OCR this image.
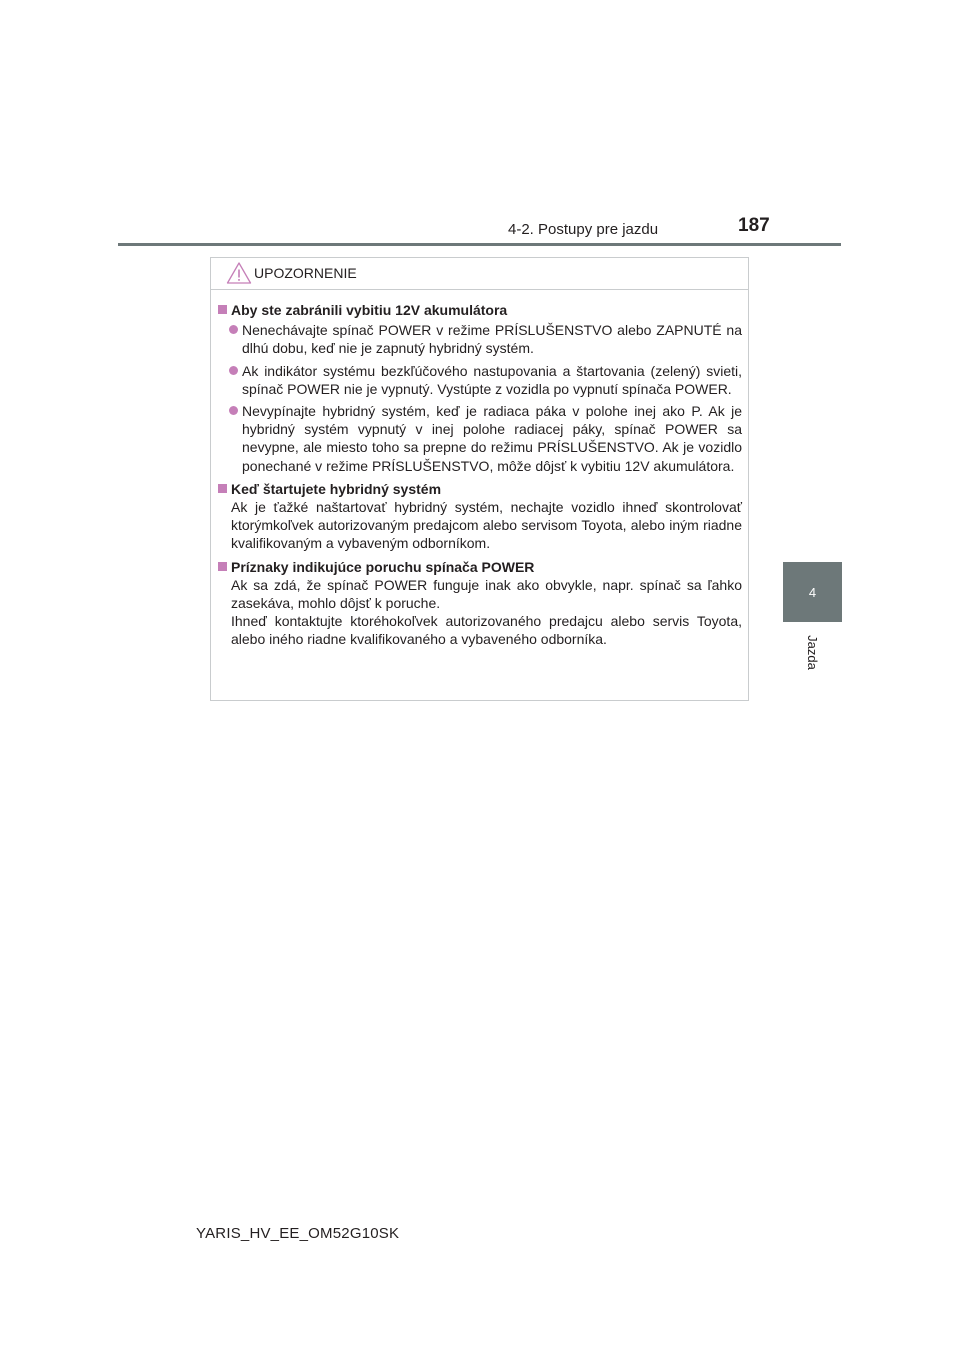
4-2. Postupy pre jazdu	187
4
Jazda
UPOZORNENIE
Aby ste zabránili vybitiu 12V akumulátora
Nenechávajte spínač POWER v režime PRÍSLUŠENSTVO alebo ZAPNUTÉ na dlhú dobu, keď nie je zapnutý hybridný systém.
Ak indikátor systému bezkľúčového nastupovania a štartovania (zelený) svieti, spínač POWER nie je vypnutý. Vystúpte z vozidla po vypnutí spínača POWER.
Nevypínajte hybridný systém, keď je radiaca páka v polohe inej ako P. Ak je hybridný systém vypnutý v inej polohe radiacej páky, spínač POWER sa nevypne, ale miesto toho sa prepne do režimu PRÍSLUŠENSTVO. Ak je vozidlo ponechané v režime PRÍSLUŠENSTVO, môže dôjsť k vybitiu 12V akumulátora.
Keď štartujete hybridný systém
Ak je ťažké naštartovať hybridný systém, nechajte vozidlo ihneď skontrolovať ktorýmkoľvek autorizovaným predajcom alebo servisom Toyota, alebo iným riadne kvalifikovaným a vybaveným odborníkom.
Príznaky indikujúce poruchu spínača POWER
Ak sa zdá, že spínač POWER funguje inak ako obvykle, napr. spínač sa ľahko zasekáva, mohlo dôjsť k poruche.
Ihneď kontaktujte ktoréhokoľvek autorizovaného predajcu alebo servis Toyota, alebo iného riadne kvalifikovaného a vybaveného odborníka.
YARIS_HV_EE_OM52G10SK
